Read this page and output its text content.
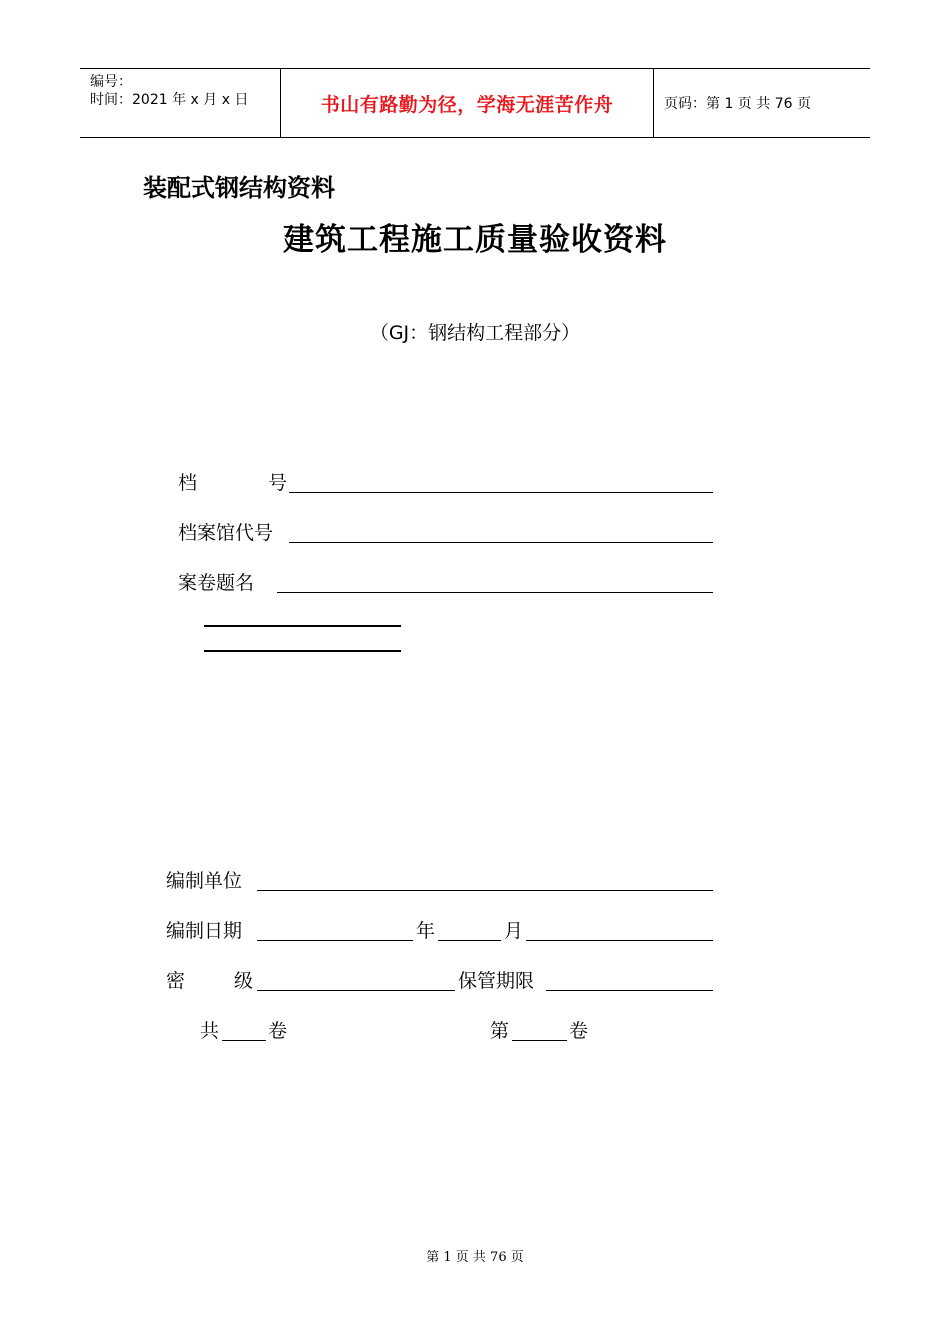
编号：
时间：2021 年 x 月 x 日	书山有路勤为径，学海无涯苦作舟	页码：第 1 页 共 76 页
装配式钢结构资料
建筑工程施工质量验收资料
（GJ：钢结构工程部分）
档	号
档案馆代号
案卷题名
编制单位
编制日期	年	月
密	级	保管期限
共	卷	第	卷
第 1 页 共 76 页
